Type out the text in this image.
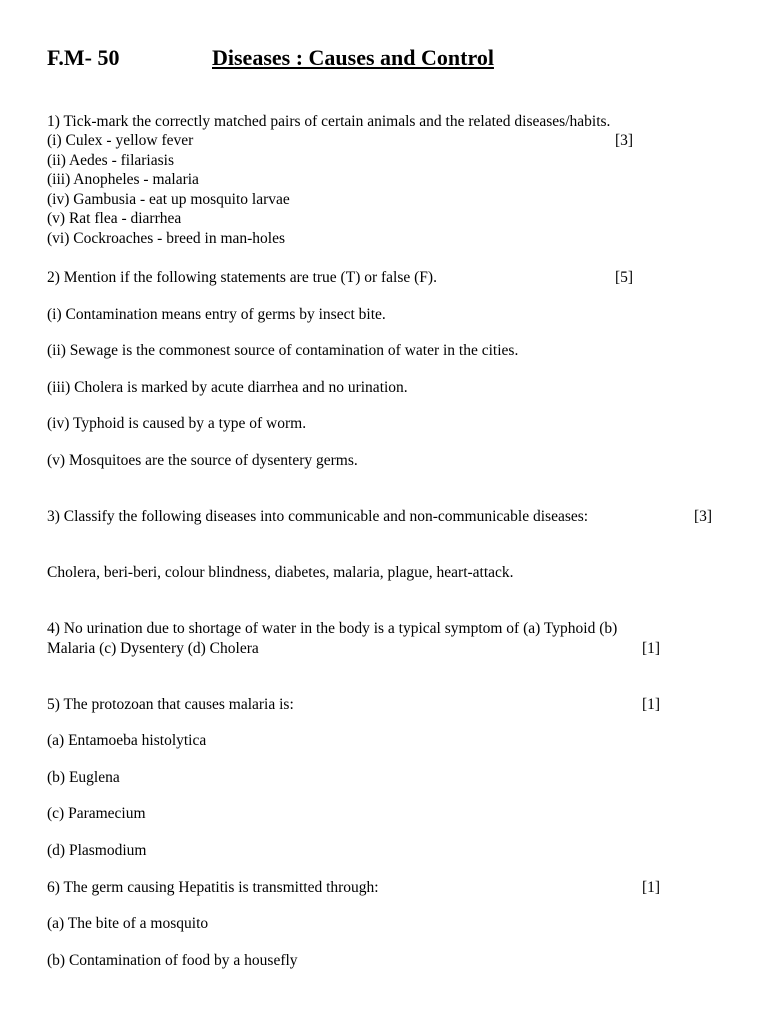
F.M- 50	Diseases : Causes and Control
1) Tick-mark the correctly matched pairs of certain animals and the related diseases/habits.
(i) Culex - yellow fever	[3]
(ii) Aedes - filariasis
(iii) Anopheles - malaria
(iv) Gambusia - eat up mosquito larvae
(v) Rat flea - diarrhea
(vi) Cockroaches - breed in man-holes
2) Mention if the following statements are true (T) or false (F).	[5]
(i) Contamination means entry of germs by insect bite.
(ii) Sewage is the commonest source of contamination of water in the cities.
(iii) Cholera is marked by acute diarrhea and no urination.
(iv) Typhoid is caused by a type of worm.
(v) Mosquitoes are the source of dysentery germs.
3) Classify the following diseases into communicable and non-communicable diseases:	[3]
Cholera, beri-beri, colour blindness, diabetes, malaria, plague, heart-attack.
4) No urination due to shortage of water in the body is a typical symptom of (a) Typhoid (b)
Malaria (c) Dysentery (d) Cholera	[1]
5) The protozoan that causes malaria is:	[1]
(a) Entamoeba histolytica
(b) Euglena
(c) Paramecium
(d) Plasmodium
6) The germ causing Hepatitis is transmitted through:	[1]
(a) The bite of a mosquito
(b) Contamination of food by a housefly
